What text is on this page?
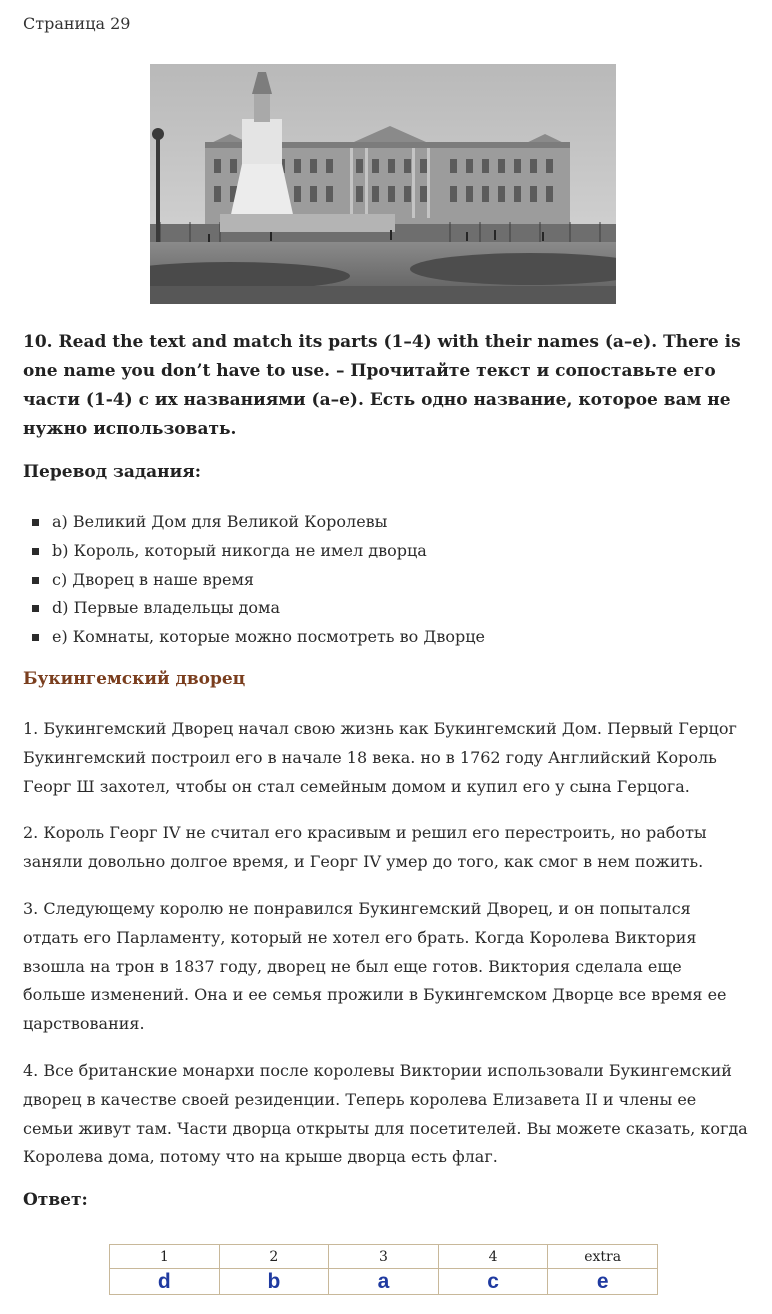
Страница 29
10. Read the text and match its parts (1–4) with their names (a–e). There is one name you don’t have to use. – Прочитайте текст и сопоставьте его части (1-4) с их названиями (a–e). Есть одно название, которое вам не нужно использовать.
Перевод задания:
a) Великий Дом для Великой Королевы
b) Король, который никогда не имел дворца
c) Дворец в наше время
d) Первые владельцы дома
e) Комнаты, которые можно посмотреть во Дворце
Букингемский дворец

1. Букингемский Дворец начал свою жизнь как Букингемский Дом. Первый Герцог Букингемский построил его в начале 18 века. но в 1762 году Английский Король Георг Ш захотел, чтобы он стал семейным домом и купил его у сына Герцога.

2. Король Георг IV не считал его красивым и решил его перестроить, но работы заняли довольно долгое время, и Георг IV умер до того, как смог в нем пожить.

3. Следующему королю не понравился Букингемский Дворец, и он попытался отдать его Парламенту, который не хотел его брать. Когда Королева Виктория взошла на трон в 1837 году, дворец не был еще готов. Виктория сделала еще больше изменений. Она и ее семья прожили в Букингемском Дворце все время ее царствования.

4. Все британские монархи после королевы Виктории использовали Букингемский дворец в качестве своей резиденции. Теперь королева Елизавета II и члены ее семьи живут там. Части дворца открыты для посетителей. Вы можете сказать, когда Королева дома, потому что на крыше дворца есть флаг.

Ответ:
1	2	3	4	extra
d	b	a	c	e
